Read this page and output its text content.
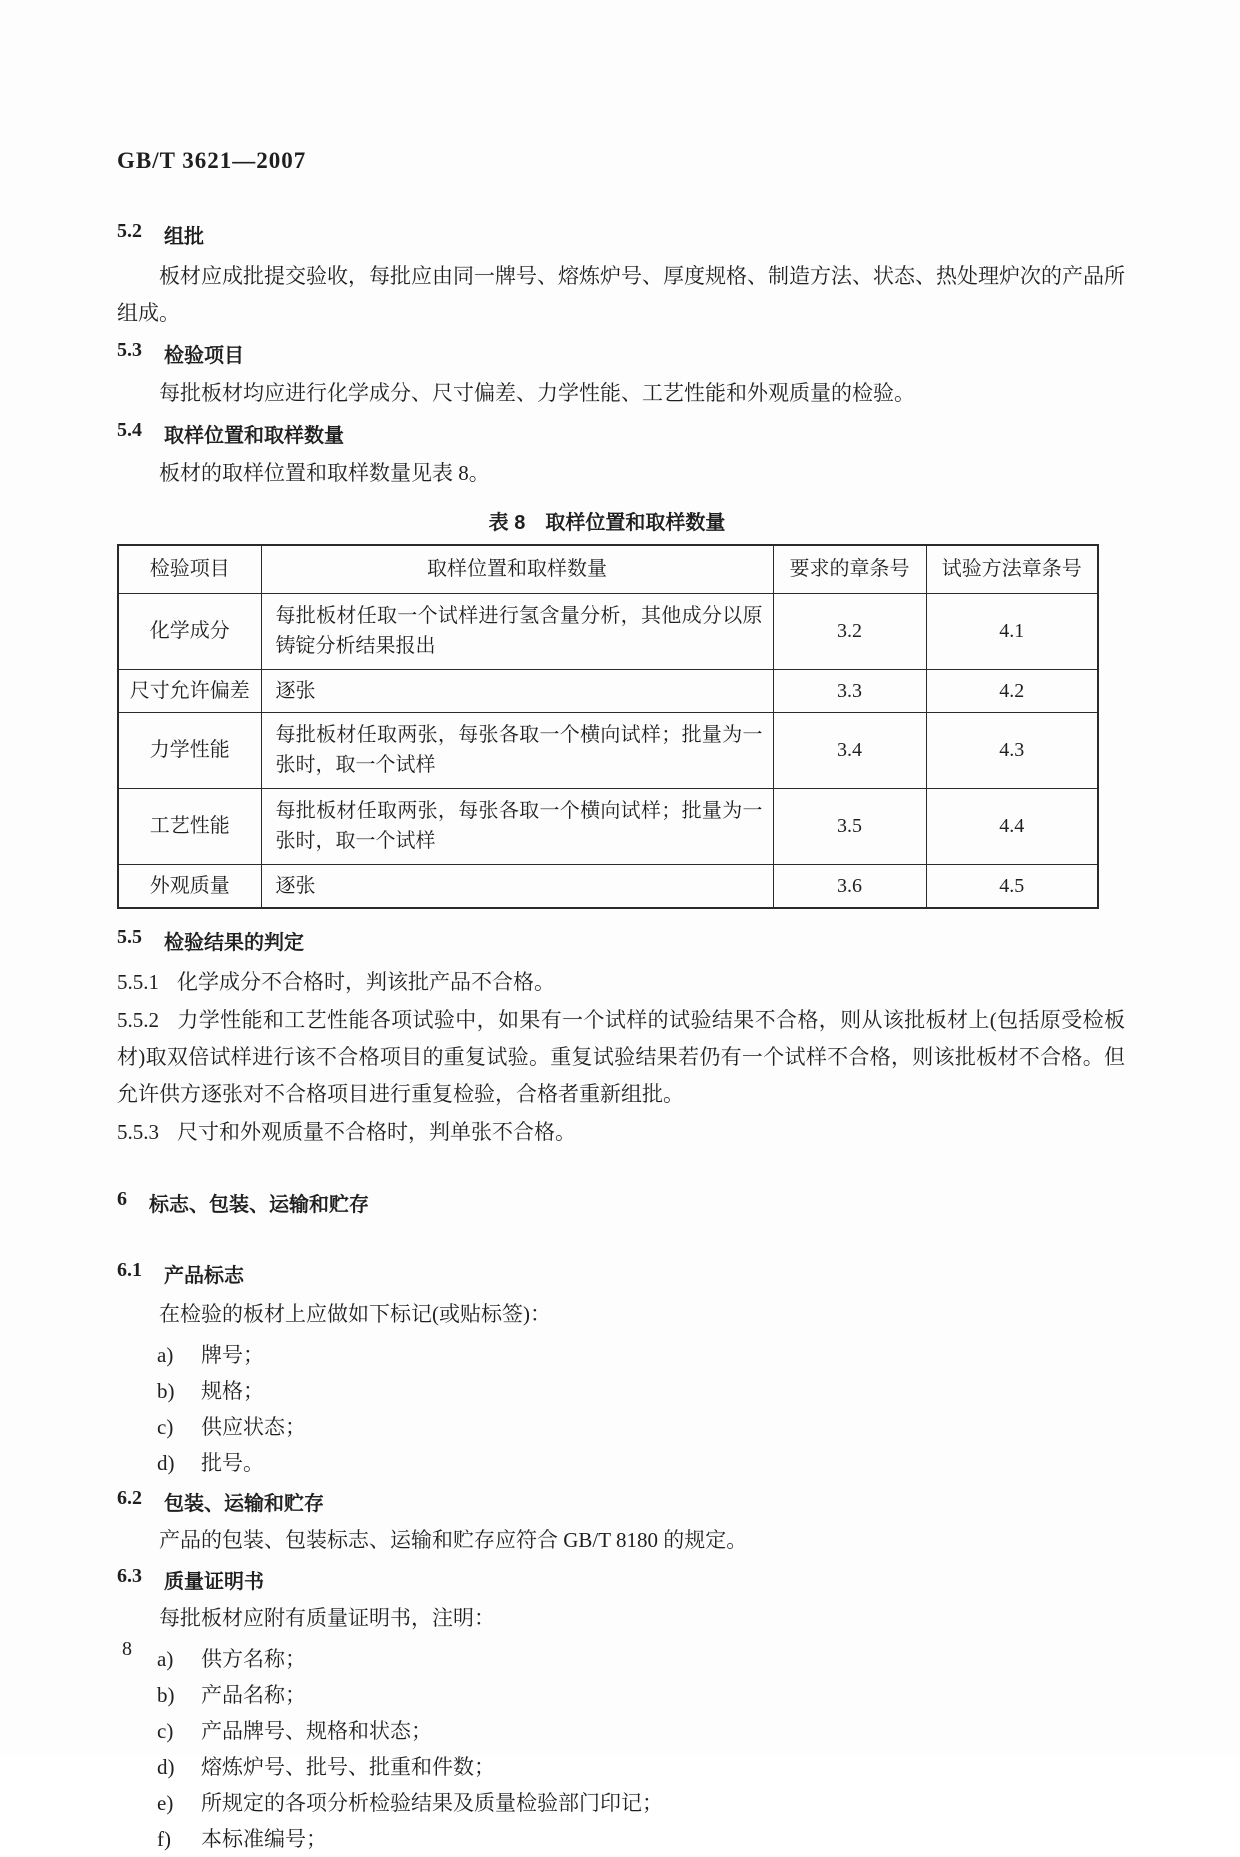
GB/T 3621—2007
5.2 组批

板材应成批提交验收，每批应由同一牌号、熔炼炉号、厚度规格、制造方法、状态、热处理炉次的产品所组成。

5.3 检验项目

每批板材均应进行化学成分、尺寸偏差、力学性能、工艺性能和外观质量的检验。

5.4 取样位置和取样数量

板材的取样位置和取样数量见表 8。

表 8　取样位置和取样数量
检验项目	取样位置和取样数量	要求的章条号	试验方法章条号
化学成分	每批板材任取一个试样进行氢含量分析，其他成分以原铸锭分析结果报出	3.2	4.1
尺寸允许偏差	逐张	3.3	4.2
力学性能	每批板材任取两张，每张各取一个横向试样；批量为一张时，取一个试样	3.4	4.3
工艺性能	每批板材任取两张，每张各取一个横向试样；批量为一张时，取一个试样	3.5	4.4
外观质量	逐张	3.6	4.5
5.5 检验结果的判定

5.5.1 化学成分不合格时，判该批产品不合格。

5.5.2 力学性能和工艺性能各项试验中，如果有一个试样的试验结果不合格，则从该批板材上(包括原受检板材)取双倍试样进行该不合格项目的重复试验。重复试验结果若仍有一个试样不合格，则该批板材不合格。但允许供方逐张对不合格项目进行重复检验，合格者重新组批。

5.5.3 尺寸和外观质量不合格时，判单张不合格。

6 标志、包装、运输和贮存
6.1 产品标志

在检验的板材上应做如下标记(或贴标签)：

a)	牌号；
b)	规格；
c)	供应状态；
d)	批号。
6.2 包装、运输和贮存

产品的包装、包装标志、运输和贮存应符合 GB/T 8180 的规定。

6.3 质量证明书

每批板材应附有质量证明书，注明：

a)	供方名称；
b)	产品名称；
c)	产品牌号、规格和状态；
d)	熔炼炉号、批号、批重和件数；
e)	所规定的各项分析检验结果及质量检验部门印记；
f)	本标准编号；
8
